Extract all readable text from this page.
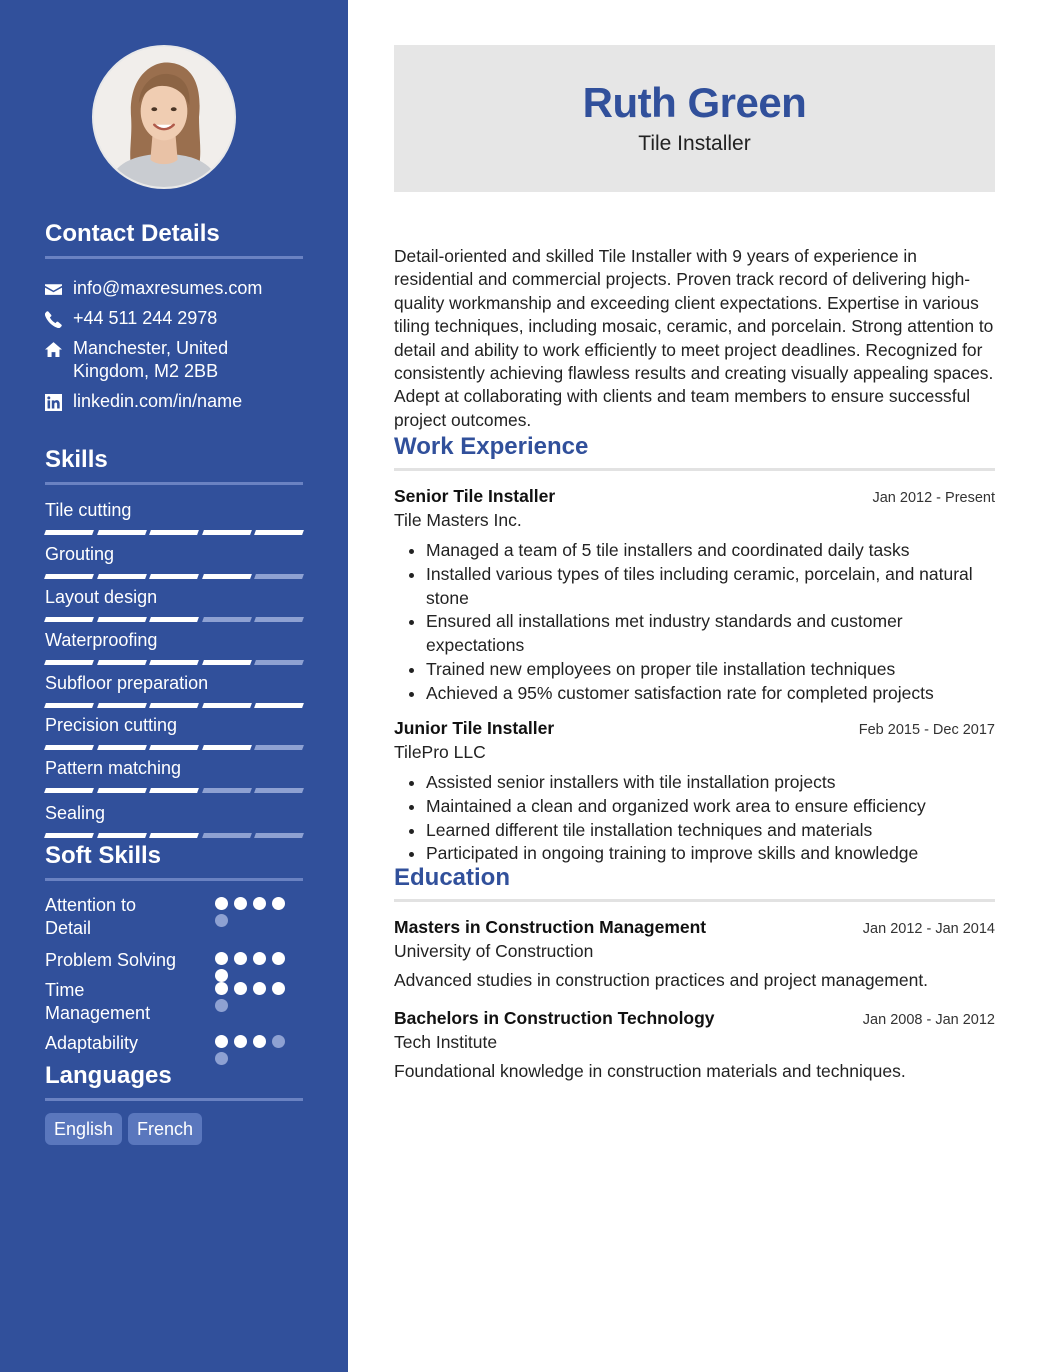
Contact Details
info@maxresumes.com
+44 511 244 2978
Manchester, United Kingdom, M2 2BB
linkedin.com/in/name
Skills
Tile cutting
Grouting
Layout design
Waterproofing
Subfloor preparation
Precision cutting
Pattern matching
Sealing
Soft Skills
Attention to Detail
Problem Solving
Time Management
Adaptability
Languages
English	French
Ruth Green
Tile Installer

Detail-oriented and skilled Tile Installer with 9 years of experience in residential and commercial projects. Proven track record of delivering high-quality workmanship and exceeding client expectations. Expertise in various tiling techniques, including mosaic, ceramic, and porcelain. Strong attention to detail and ability to work efficiently to meet project deadlines. Recognized for consistently achieving flawless results and creating visually appealing spaces. Adept at collaborating with clients and team members to ensure successful project outcomes.

Work Experience
Senior Tile Installer	Jan 2012 - Present
Tile Masters Inc.
• Managed a team of 5 tile installers and coordinated daily tasks
• Installed various types of tiles including ceramic, porcelain, and natural stone
• Ensured all installations met industry standards and customer expectations
• Trained new employees on proper tile installation techniques
• Achieved a 95% customer satisfaction rate for completed projects
Junior Tile Installer	Feb 2015 - Dec 2017
TilePro LLC
• Assisted senior installers with tile installation projects
• Maintained a clean and organized work area to ensure efficiency
• Learned different tile installation techniques and materials
• Participated in ongoing training to improve skills and knowledge
Education
Masters in Construction Management	Jan 2012 - Jan 2014
University of Construction
Advanced studies in construction practices and project management.
Bachelors in Construction Technology	Jan 2008 - Jan 2012
Tech Institute
Foundational knowledge in construction materials and techniques.
